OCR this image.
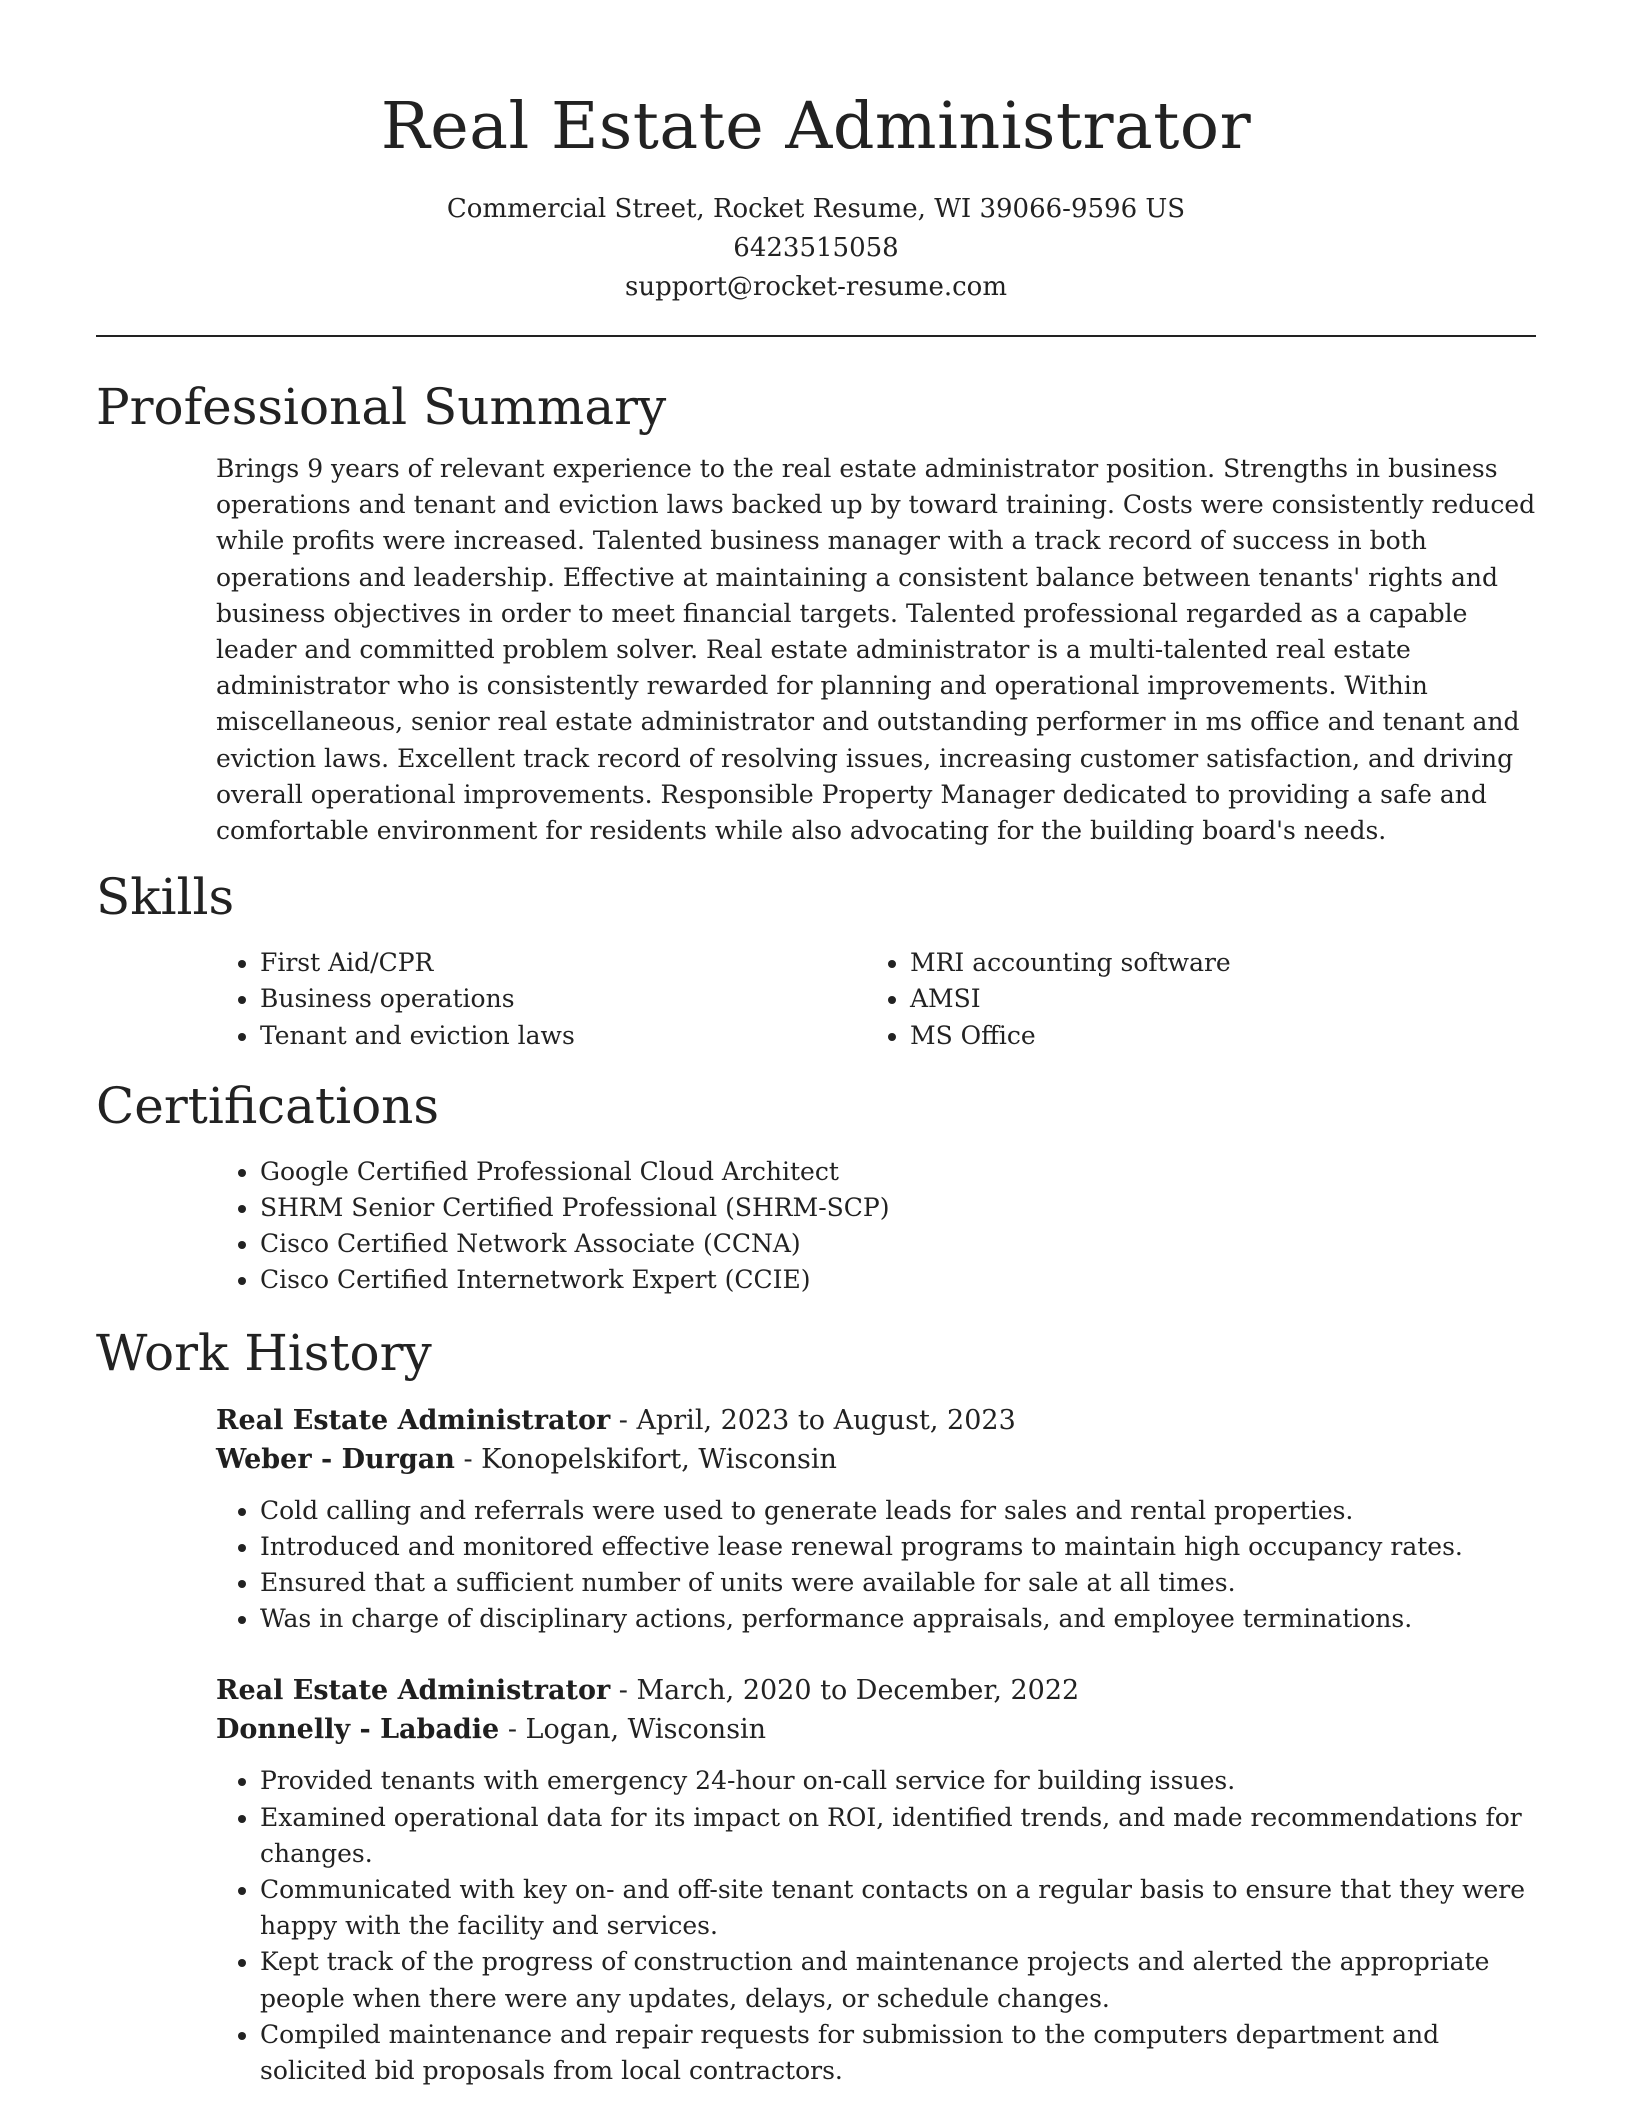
Real Estate Administrator
Commercial Street, Rocket Resume, WI 39066-9596 US
6423515058
support@rocket-resume.com
Professional Summary

Brings 9 years of relevant experience to the real estate administrator position. Strengths in business operations and tenant and eviction laws backed up by toward training. Costs were consistently reduced while profits were increased. Talented business manager with a track record of success in both operations and leadership. Effective at maintaining a consistent balance between tenants' rights and business objectives in order to meet financial targets. Talented professional regarded as a capable leader and committed problem solver. Real estate administrator is a multi-talented real estate administrator who is consistently rewarded for planning and operational improvements. Within miscellaneous, senior real estate administrator and outstanding performer in ms office and tenant and eviction laws. Excellent track record of resolving issues, increasing customer satisfaction, and driving overall operational improvements. Responsible Property Manager dedicated to providing a safe and comfortable environment for residents while also advocating for the building board's needs.

Skills
• First Aid/CPR
• Business operations
• Tenant and eviction laws
• MRI accounting software
• AMSI
• MS Office
Certifications
• Google Certified Professional Cloud Architect
• SHRM Senior Certified Professional (SHRM-SCP)
• Cisco Certified Network Associate (CCNA)
• Cisco Certified Internetwork Expert (CCIE)
Work History
Real Estate Administrator - April, 2023 to August, 2023
Weber - Durgan - Konopelskifort, Wisconsin
• Cold calling and referrals were used to generate leads for sales and rental properties.
• Introduced and monitored effective lease renewal programs to maintain high occupancy rates.
• Ensured that a sufficient number of units were available for sale at all times.
• Was in charge of disciplinary actions, performance appraisals, and employee terminations.
Real Estate Administrator - March, 2020 to December, 2022
Donnelly - Labadie - Logan, Wisconsin
• Provided tenants with emergency 24-hour on-call service for building issues.
• Examined operational data for its impact on ROI, identified trends, and made recommendations for changes.
• Communicated with key on- and off-site tenant contacts on a regular basis to ensure that they were happy with the facility and services.
• Kept track of the progress of construction and maintenance projects and alerted the appropriate people when there were any updates, delays, or schedule changes.
• Compiled maintenance and repair requests for submission to the computers department and solicited bid proposals from local contractors.
